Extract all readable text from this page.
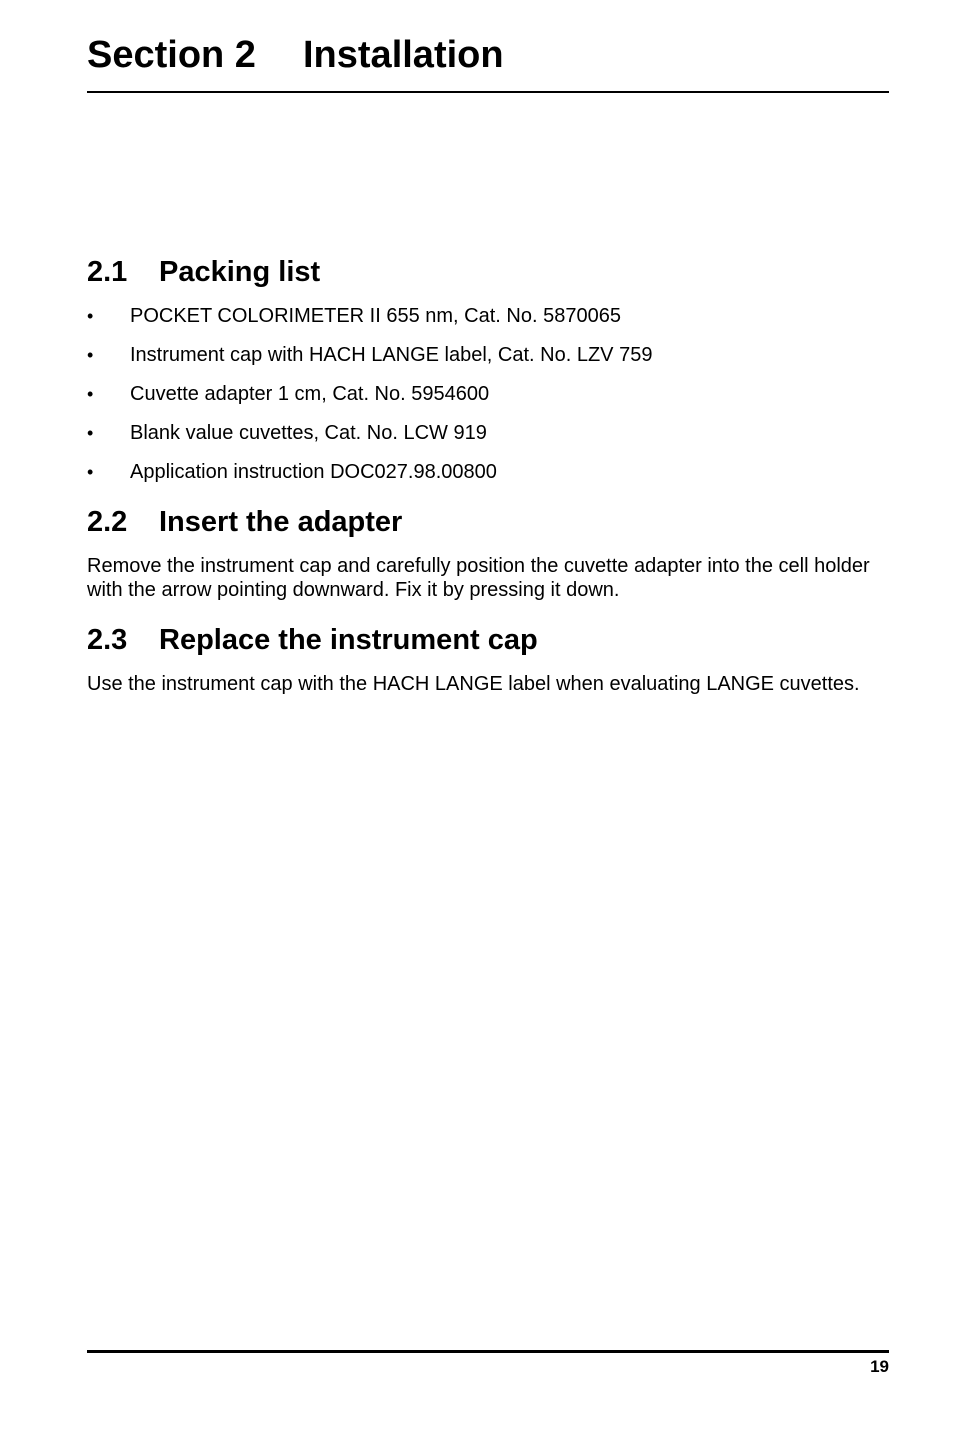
Section 2 Installation
2.1 Packing list
• POCKET COLORIMETER II 655 nm, Cat. No. 5870065
• Instrument cap with HACH LANGE label, Cat. No. LZV 759
• Cuvette adapter 1 cm, Cat. No. 5954600
• Blank value cuvettes, Cat. No. LCW 919
• Application instruction DOC027.98.00800
2.2 Insert the adapter

Remove the instrument cap and carefully position the cuvette adapter into the cell holder with the arrow pointing downward. Fix it by pressing it down.

2.3 Replace the instrument cap

Use the instrument cap with the HACH LANGE label when evaluating LANGE cuvettes.

19
